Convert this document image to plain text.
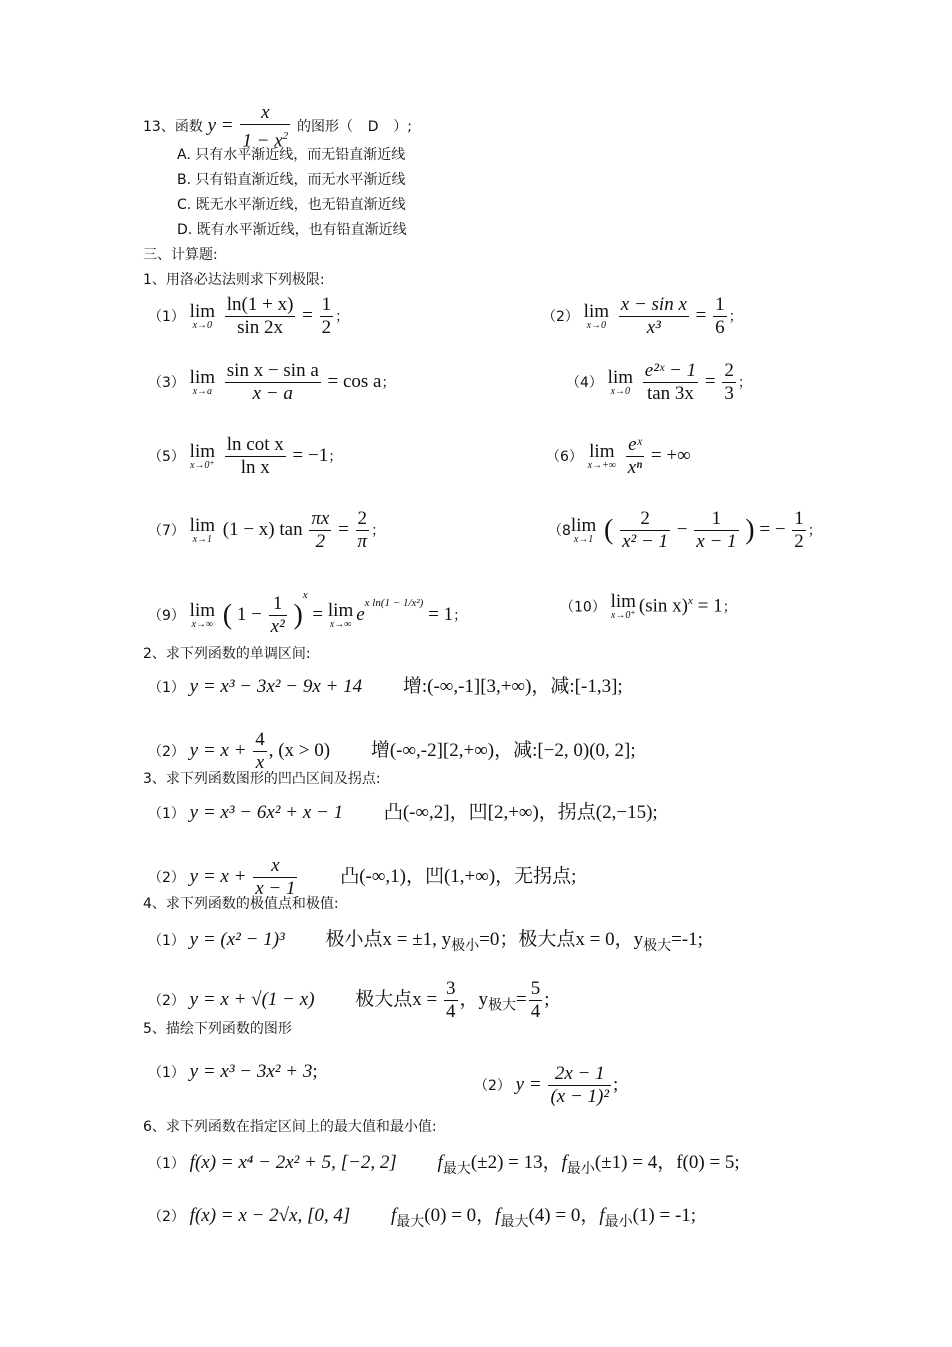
13、函数 $y = \frac{x}{1 - x^2}$ 的图形（ D ）;
A. 只有水平渐近线，而无铅直渐近线
B. 只有铅直渐近线，而无水平渐近线
C. 既无水平渐近线，也无铅直渐近线
D. 既有水平渐近线，也有铅直渐近线
三、计算题:
1、用洛必达法则求下列极限:
（1） lim
x→0
$\frac{\ln(1 + x)}{\sin 2x} = \frac{1}{2}$ ；	（2） lim
x→0
$\frac{\text{x − sin x}}{\text{x³}} = \frac{1}{6}$ ；
（3） lim
x→a
$\frac{\text{sin x − sin a}}{x - a} = \cos a$；	（4） lim
x→0
$\frac{\text{e²ˣ − 1}}{\tan 3x} = \frac{2}{3}$ ；
（5） lim
x→0⁺
$\frac{\text{ln cot x}}{\text{ln x}} = -1$；	（6） lim
x→+∞
$\frac{\text{eˣ}}{\text{xⁿ}}$ = +∞
（7） lim
x→1 (1 − x) $\tan \frac{\pi x}{2} = \frac{2}{\pi}$ ；	（8 lim
x→1 ( $\frac{2}{\text{x² − 1}} - \frac{1}{x - 1}$ ) = − $\frac{1}{2}$ ；
（9） lim
x→∞ ( $1 - \frac{1}{\text{x²}} )^x = \lim$
x→∞ $e^{x ln(1 - 1/x^2)} = 1$；
（10） lim
x→0⁺ (sin x)$^x$ = 1；
2、求下列函数的单调区间:
（1） y = x³ − 3x² − 9x + 14 增:(-∞,-1][3,+∞)，减:[-1,3];
（2） $y = x + \frac{4}{x}$ , (x > 0) 增(-∞,-2][2,+∞)，减:[−2, 0)(0, 2];
3、求下列函数图形的凹凸区间及拐点:
（1） y = x³ − 6x² + x − 1 凸(-∞,2]，凹[2,+∞)，拐点(2,−15);
（2） $y = x + \frac{x}{x - 1}$ 凸(-∞,1)，凹(1,+∞)，无拐点;
4、求下列函数的极值点和极值:
（1） y = (x² − 1)³ 极小点x = ±1, $y_{极小}=0$；极大点x = 0，$y_{极大}=-1$;
（2） y = x + √(1 − x) 极大点$x = \frac{3}{4}$ ，$y_{极大}= \frac{5}{4}$ ;
5、描绘下列函数的图形
（1） y = x³ − 3x² + 3;
（2） $y = \frac{2x - 1}{\text{(x − 1)²}}$ ;
6、求下列函数在指定区间上的最大值和最小值:
（1） f(x) = x⁴ − 2x² + 5, [−2, 2] $f_{最大}(\pm 2) = 13$，$f_{最小}(\pm 1) = 4$，f(0) = 5;
（2） f(x) = x − 2√x, [0, 4] $f_{最大}(0) = 0$，$f_{最大}(4) = 0$，$f_{最小}(1) = -1$;
